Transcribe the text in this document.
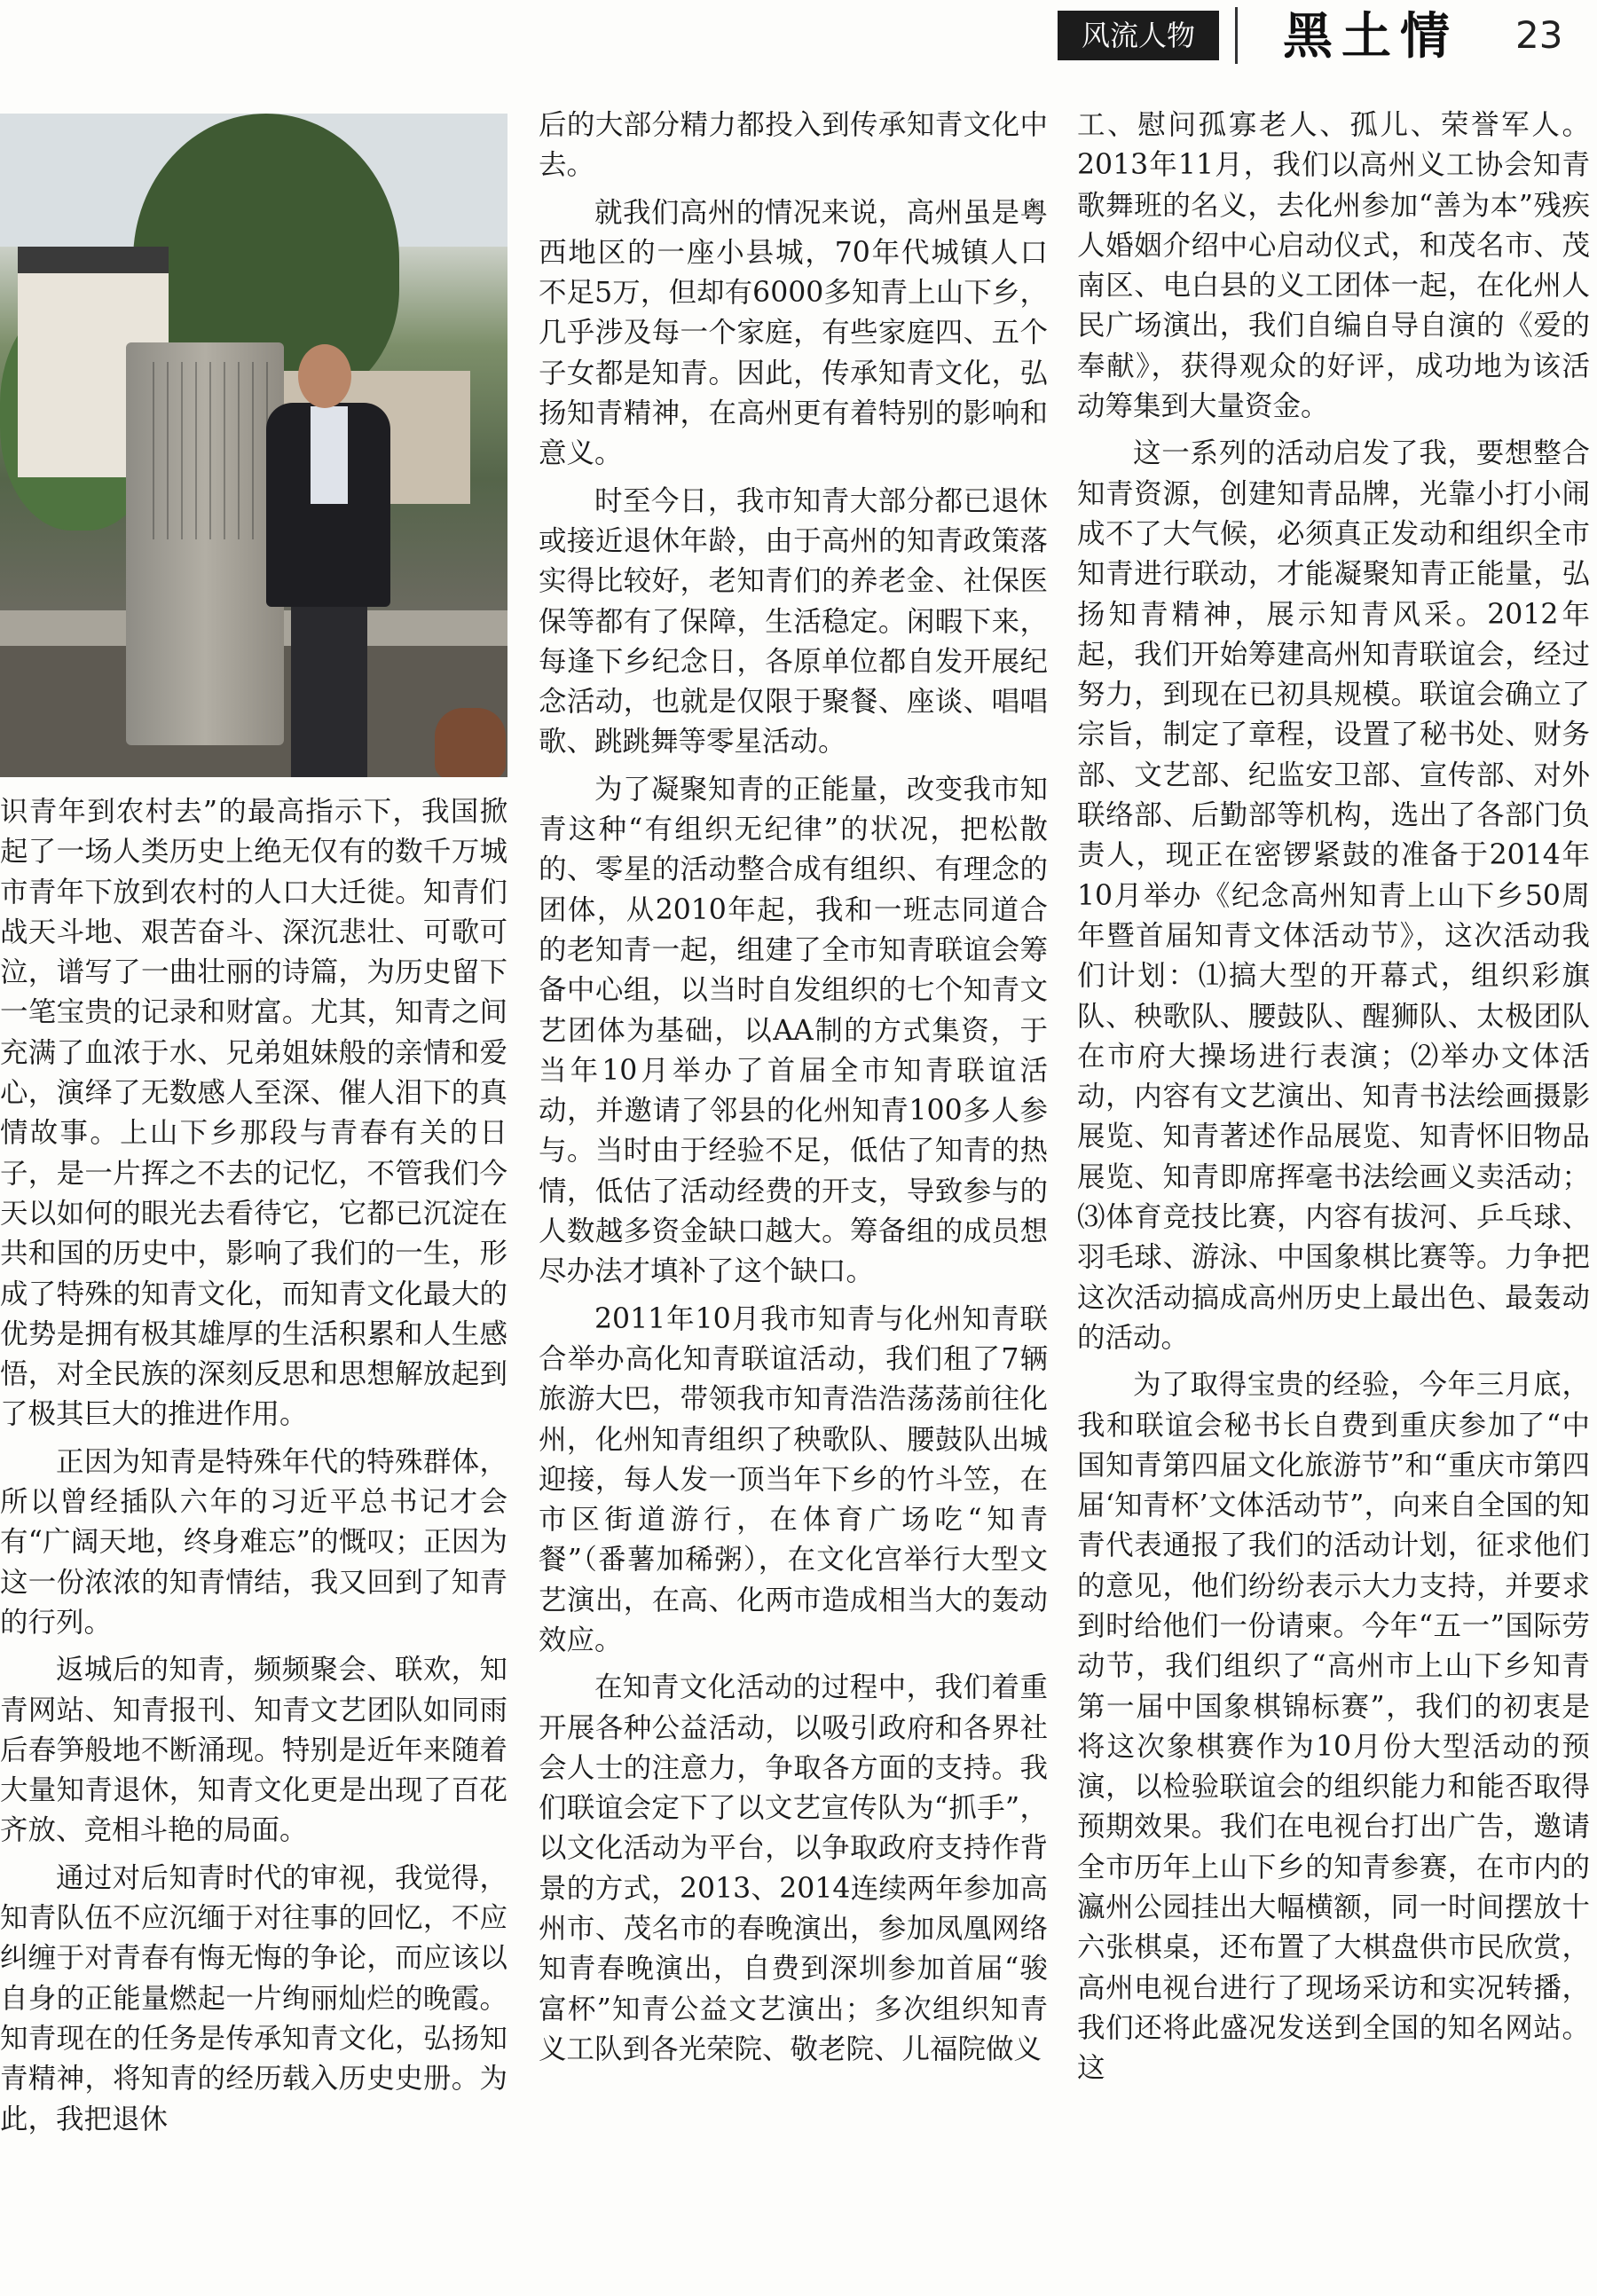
风流人物	黑土情	23

识青年到农村去”的最高指示下，我国掀起了一场人类历史上绝无仅有的数千万城市青年下放到农村的人口大迁徙。知青们战天斗地、艰苦奋斗、深沉悲壮、可歌可泣，谱写了一曲壮丽的诗篇，为历史留下一笔宝贵的记录和财富。尤其，知青之间充满了血浓于水、兄弟姐妹般的亲情和爱心，演绎了无数感人至深、催人泪下的真情故事。上山下乡那段与青春有关的日子，是一片挥之不去的记忆，不管我们今天以如何的眼光去看待它，它都已沉淀在共和国的历史中，影响了我们的一生，形成了特殊的知青文化，而知青文化最大的优势是拥有极其雄厚的生活积累和人生感悟，对全民族的深刻反思和思想解放起到了极其巨大的推进作用。

正因为知青是特殊年代的特殊群体，所以曾经插队六年的习近平总书记才会有“广阔天地，终身难忘”的慨叹；正因为这一份浓浓的知青情结，我又回到了知青的行列。

返城后的知青，频频聚会、联欢，知青网站、知青报刊、知青文艺团队如同雨后春笋般地不断涌现。特别是近年来随着大量知青退休，知青文化更是出现了百花齐放、竞相斗艳的局面。

通过对后知青时代的审视，我觉得，知青队伍不应沉缅于对往事的回忆，不应纠缠于对青春有悔无悔的争论，而应该以自身的正能量燃起一片绚丽灿烂的晚霞。知青现在的任务是传承知青文化，弘扬知青精神，将知青的经历载入历史史册。为此，我把退休

后的大部分精力都投入到传承知青文化中去。

就我们高州的情况来说，高州虽是粤西地区的一座小县城，70年代城镇人口不足5万，但却有6000多知青上山下乡，几乎涉及每一个家庭，有些家庭四、五个子女都是知青。因此，传承知青文化，弘扬知青精神，在高州更有着特别的影响和意义。

时至今日，我市知青大部分都已退休或接近退休年龄，由于高州的知青政策落实得比较好，老知青们的养老金、社保医保等都有了保障，生活稳定。闲暇下来，每逢下乡纪念日，各原单位都自发开展纪念活动，也就是仅限于聚餐、座谈、唱唱歌、跳跳舞等零星活动。

为了凝聚知青的正能量，改变我市知青这种“有组织无纪律”的状况，把松散的、零星的活动整合成有组织、有理念的团体，从2010年起，我和一班志同道合的老知青一起，组建了全市知青联谊会筹备中心组，以当时自发组织的七个知青文艺团体为基础，以AA制的方式集资，于当年10月举办了首届全市知青联谊活动，并邀请了邻县的化州知青100多人参与。当时由于经验不足，低估了知青的热情，低估了活动经费的开支，导致参与的人数越多资金缺口越大。筹备组的成员想尽办法才填补了这个缺口。

2011年10月我市知青与化州知青联合举办高化知青联谊活动，我们租了7辆旅游大巴，带领我市知青浩浩荡荡前往化州，化州知青组织了秧歌队、腰鼓队出城迎接，每人发一顶当年下乡的竹斗笠，在市区街道游行，在体育广场吃“知青餐”（番薯加稀粥），在文化宫举行大型文艺演出，在高、化两市造成相当大的轰动效应。

在知青文化活动的过程中，我们着重开展各种公益活动，以吸引政府和各界社会人士的注意力，争取各方面的支持。我们联谊会定下了以文艺宣传队为“抓手”，以文化活动为平台，以争取政府支持作背景的方式，2013、2014连续两年参加高州市、茂名市的春晚演出，参加凤凰网络知青春晚演出，自费到深圳参加首届“骏富杯”知青公益文艺演出；多次组织知青义工队到各光荣院、敬老院、儿福院做义

工、慰问孤寡老人、孤儿、荣誉军人。2013年11月，我们以高州义工协会知青歌舞班的名义，去化州参加“善为本”残疾人婚姻介绍中心启动仪式，和茂名市、茂南区、电白县的义工团体一起，在化州人民广场演出，我们自编自导自演的《爱的奉献》，获得观众的好评，成功地为该活动筹集到大量资金。

这一系列的活动启发了我，要想整合知青资源，创建知青品牌，光靠小打小闹成不了大气候，必须真正发动和组织全市知青进行联动，才能凝聚知青正能量，弘扬知青精神，展示知青风采。2012年起，我们开始筹建高州知青联谊会，经过努力，到现在已初具规模。联谊会确立了宗旨，制定了章程，设置了秘书处、财务部、文艺部、纪监安卫部、宣传部、对外联络部、后勤部等机构，选出了各部门负责人，现正在密锣紧鼓的准备于2014年10月举办《纪念高州知青上山下乡50周年暨首届知青文体活动节》，这次活动我们计划：⑴搞大型的开幕式，组织彩旗队、秧歌队、腰鼓队、醒狮队、太极团队在市府大操场进行表演；⑵举办文体活动，内容有文艺演出、知青书法绘画摄影展览、知青著述作品展览、知青怀旧物品展览、知青即席挥毫书法绘画义卖活动；⑶体育竞技比赛，内容有拔河、乒乓球、羽毛球、游泳、中国象棋比赛等。力争把这次活动搞成高州历史上最出色、最轰动的活动。

为了取得宝贵的经验，今年三月底，我和联谊会秘书长自费到重庆参加了“中国知青第四届文化旅游节”和“重庆市第四届‘知青杯’文体活动节”，向来自全国的知青代表通报了我们的活动计划，征求他们的意见，他们纷纷表示大力支持，并要求到时给他们一份请柬。今年“五一”国际劳动节，我们组织了“高州市上山下乡知青第一届中国象棋锦标赛”，我们的初衷是将这次象棋赛作为10月份大型活动的预演，以检验联谊会的组织能力和能否取得预期效果。我们在电视台打出广告，邀请全市历年上山下乡的知青参赛，在市内的瀛州公园挂出大幅横额，同一时间摆放十六张棋桌，还布置了大棋盘供市民欣赏，高州电视台进行了现场采访和实况转播，我们还将此盛况发送到全国的知名网站。这
